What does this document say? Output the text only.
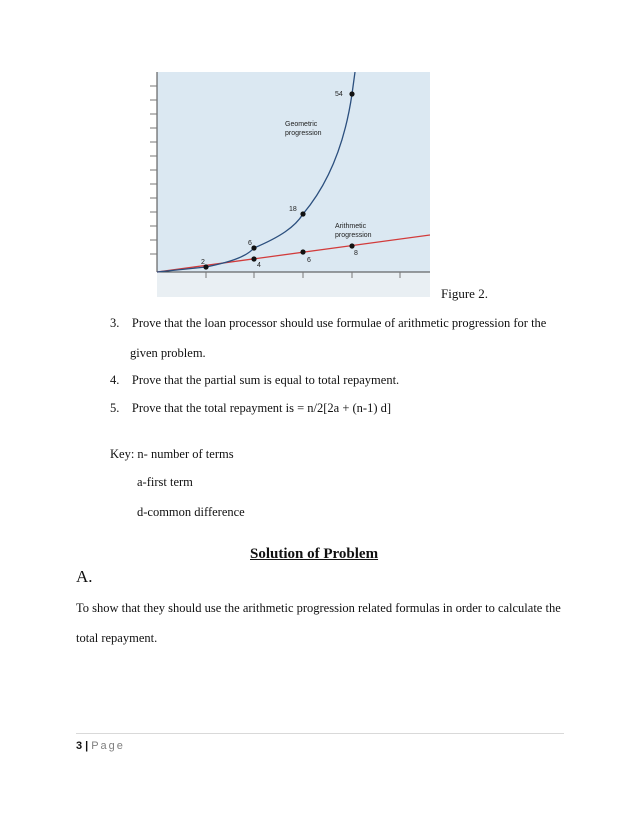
54
Geometric
progression
18
Arithmetic
progression
2
6
4
6
8
Figure 2.
3. Prove that the loan processor should use formulae of arithmetic progression for the
given problem.
4. Prove that the partial sum is equal to total repayment.
5. Prove that the total repayment is = n/2[2a + (n-1) d]
Key: n- number of terms
a-first term
d-common difference
Solution of Problem
A.
To show that they should use the arithmetic progression related formulas in order to calculate the
total repayment.
3 | Page
